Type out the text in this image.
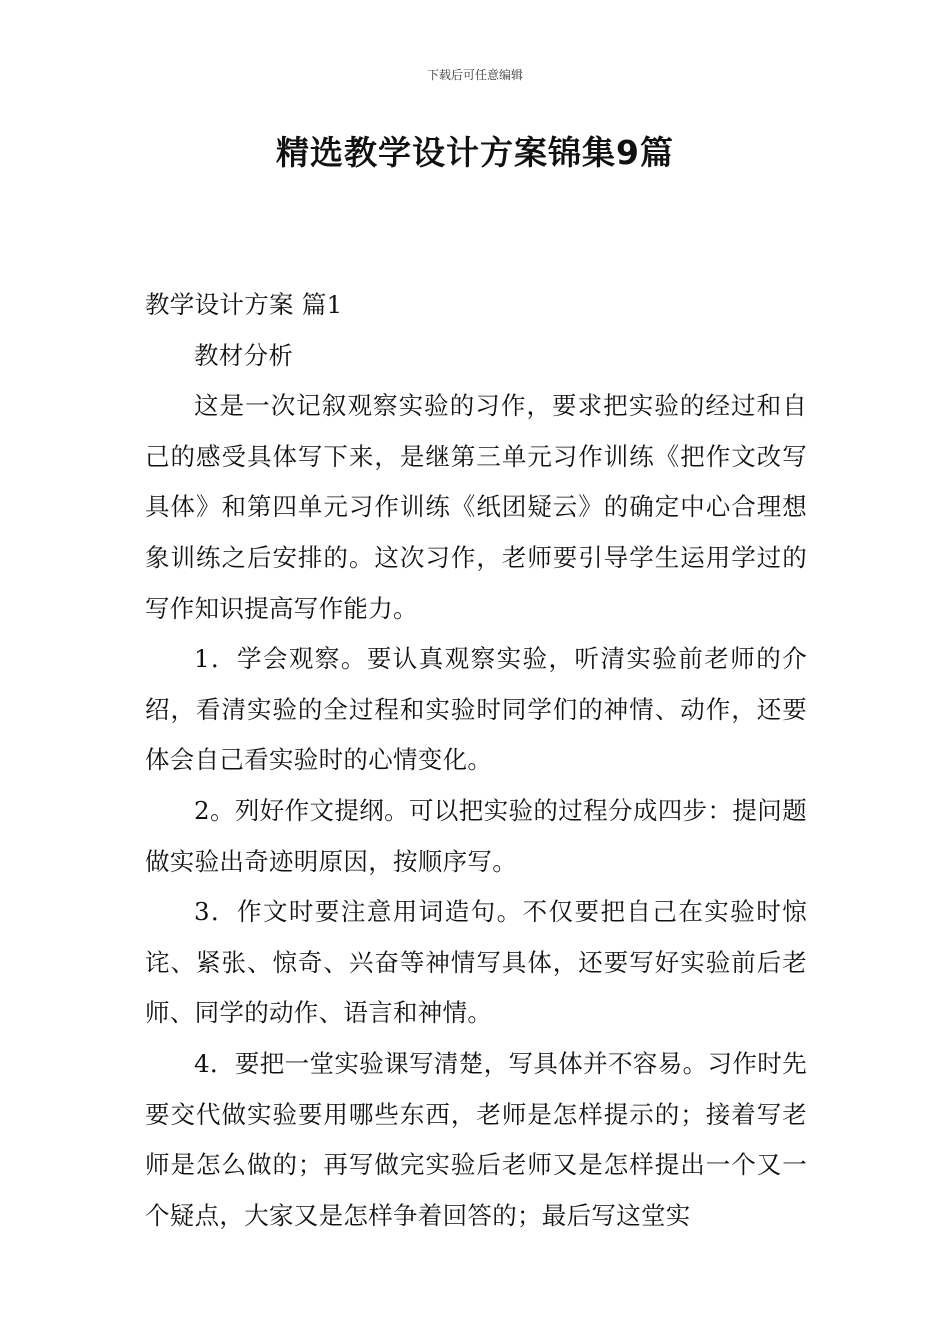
下载后可任意编辑
精选教学设计方案锦集9篇

教学设计方案 篇1

教材分析

这是一次记叙观察实验的习作，要求把实验的经过和自己的感受具体写下来，是继第三单元习作训练《把作文改写具体》和第四单元习作训练《纸团疑云》的确定中心合理想象训练之后安排的。这次习作，老师要引导学生运用学过的写作知识提高写作能力。

1．学会观察。要认真观察实验，听清实验前老师的介绍，看清实验的全过程和实验时同学们的神情、动作，还要体会自己看实验时的心情变化。

2。列好作文提纲。可以把实验的过程分成四步：提问题做实验出奇迹明原因，按顺序写。

3．作文时要注意用词造句。不仅要把自己在实验时惊诧、紧张、惊奇、兴奋等神情写具体，还要写好实验前后老师、同学的动作、语言和神情。

4．要把一堂实验课写清楚，写具体并不容易。习作时先要交代做实验要用哪些东西，老师是怎样提示的；接着写老师是怎么做的；再写做完实验后老师又是怎样提出一个又一个疑点，大家又是怎样争着回答的；最后写这堂实
